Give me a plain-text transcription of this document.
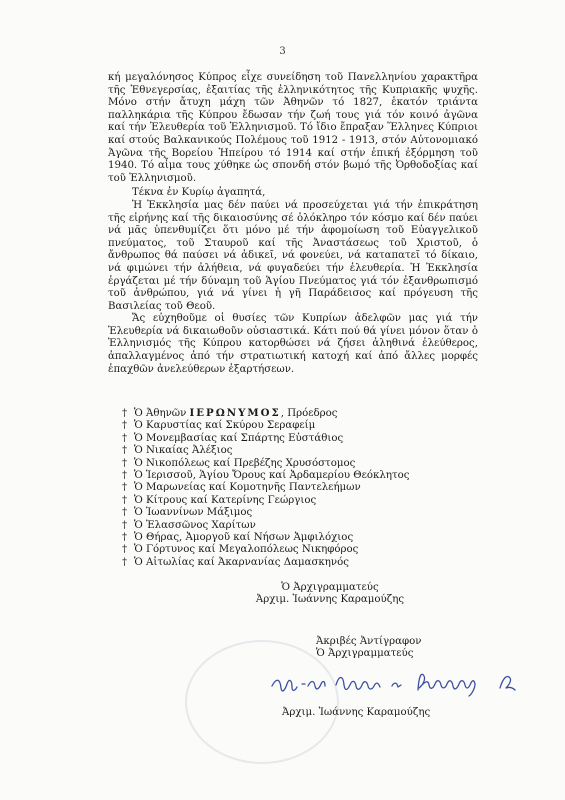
3

κή μεγαλόνησος Κύπρος εἶχε συνείδηση τοῦ Πανελληνίου χαρακτῆρα τῆς Ἐθνεγερσίας, ἐξαιτίας τῆς ἑλληνικότητος τῆς Κυπριακῆς ψυχῆς. Μόνο στήν ἄτυχη μάχη τῶν Ἀθηνῶν τό 1827, ἑκατόν τριάντα παλληκάρια τῆς Κύπρου ἔδωσαν τήν ζωή τους γιά τόν κοινό ἀγῶνα καί τήν Ἐλευθερία τοῦ Ἑλληνισμοῦ. Τό ἴδιο ἔπραξαν Ἕλληνες Κύπριοι καί στούς Βαλκανικούς Πολέμους τοῦ 1912 - 1913, στόν Αὐτονομιακό Ἀγῶνα τῆς Βορείου Ἠπείρου τό 1914 καί στήν ἐπική ἐξόρμηση τοῦ 1940. Τό αἷμα τους χύθηκε ὡς σπονδή στόν βωμό τῆς Ὀρθοδοξίας καί τοῦ Ἑλληνισμοῦ.

Τέκνα ἐν Κυρίῳ ἀγαπητά,

Ἡ Ἐκκλησία μας δέν παύει νά προσεύχεται γιά τήν ἐπικράτηση τῆς εἰρήνης καί τῆς δικαιοσύνης σέ ὁλόκληρο τόν κόσμο καί δέν παύει νά μᾶς ὑπενθυμίζει ὅτι μόνο μέ τήν ἀφομοίωση τοῦ Εὐαγγελικοῦ πνεύματος, τοῦ Σταυροῦ καί τῆς Ἀναστάσεως τοῦ Χριστοῦ, ὁ ἄνθρωπος θά παύσει νά ἀδικεῖ, νά φονεύει, νά καταπατεῖ τό δίκαιο, νά φιμώνει τήν ἀλήθεια, νά φυγαδεύει τήν ἐλευθερία. Ἡ Ἐκκλησία ἐργάζεται μέ τήν δύναμη τοῦ Ἁγίου Πνεύματος γιά τόν ἐξανθρωπισμό τοῦ ἀνθρώπου, γιά νά γίνει ἡ γῆ Παράδεισος καί πρόγευση τῆς Βασιλείας τοῦ Θεοῦ.

Ἄς εὐχηθοῦμε οἱ θυσίες τῶν Κυπρίων ἀδελφῶν μας γιά τήν Ἐλευθερία νά δικαιωθοῦν οὐσιαστικά. Κάτι πού θά γίνει μόνον ὅταν ὁ Ἑλληνισμός τῆς Κύπρου κατορθώσει νά ζήσει ἀληθινά ἐλεύθερος, ἀπαλλαγμένος ἀπό τήν στρατιωτική κατοχή καί ἀπό ἄλλες μορφές ἐπαχθῶν ἀνελεύθερων ἐξαρτήσεων.

† Ὁ Ἀθηνῶν ΙΕΡΩΝΥΜΟΣ, Πρόεδρος
† Ὁ Καρυστίας καί Σκύρου Σεραφείμ
† Ὁ Μονεμβασίας καί Σπάρτης Εὐστάθιος
† Ὁ Νικαίας Ἀλέξιος
† Ὁ Νικοπόλεως καί Πρεβέζης Χρυσόστομος
† Ὁ Ἱερισσοῦ, Ἁγίου Ὄρους καί Ἀρδαμερίου Θεόκλητος
† Ὁ Μαρωνείας καί Κομοτηνῆς Παντελεήμων
† Ὁ Κίτρους καί Κατερίνης Γεώργιος
† Ὁ Ἰωαννίνων Μάξιμος
† Ὁ Ἐλασσῶνος Χαρίτων
† Ὁ Θήρας, Ἀμοργοῦ καί Νήσων Ἀμφιλόχιος
† Ὁ Γόρτυνος καί Μεγαλοπόλεως Νικηφόρος
† Ὁ Αἰτωλίας καί Ἀκαρνανίας Δαμασκηνός
Ὁ Ἀρχιγραμματεύς
Ἀρχιμ. Ἰωάννης Καραμούζης
Ἀκριβές Ἀντίγραφον
Ὁ Ἀρχιγραμματεύς
Ἀρχιμ. Ἰωάννης Καραμούζης
